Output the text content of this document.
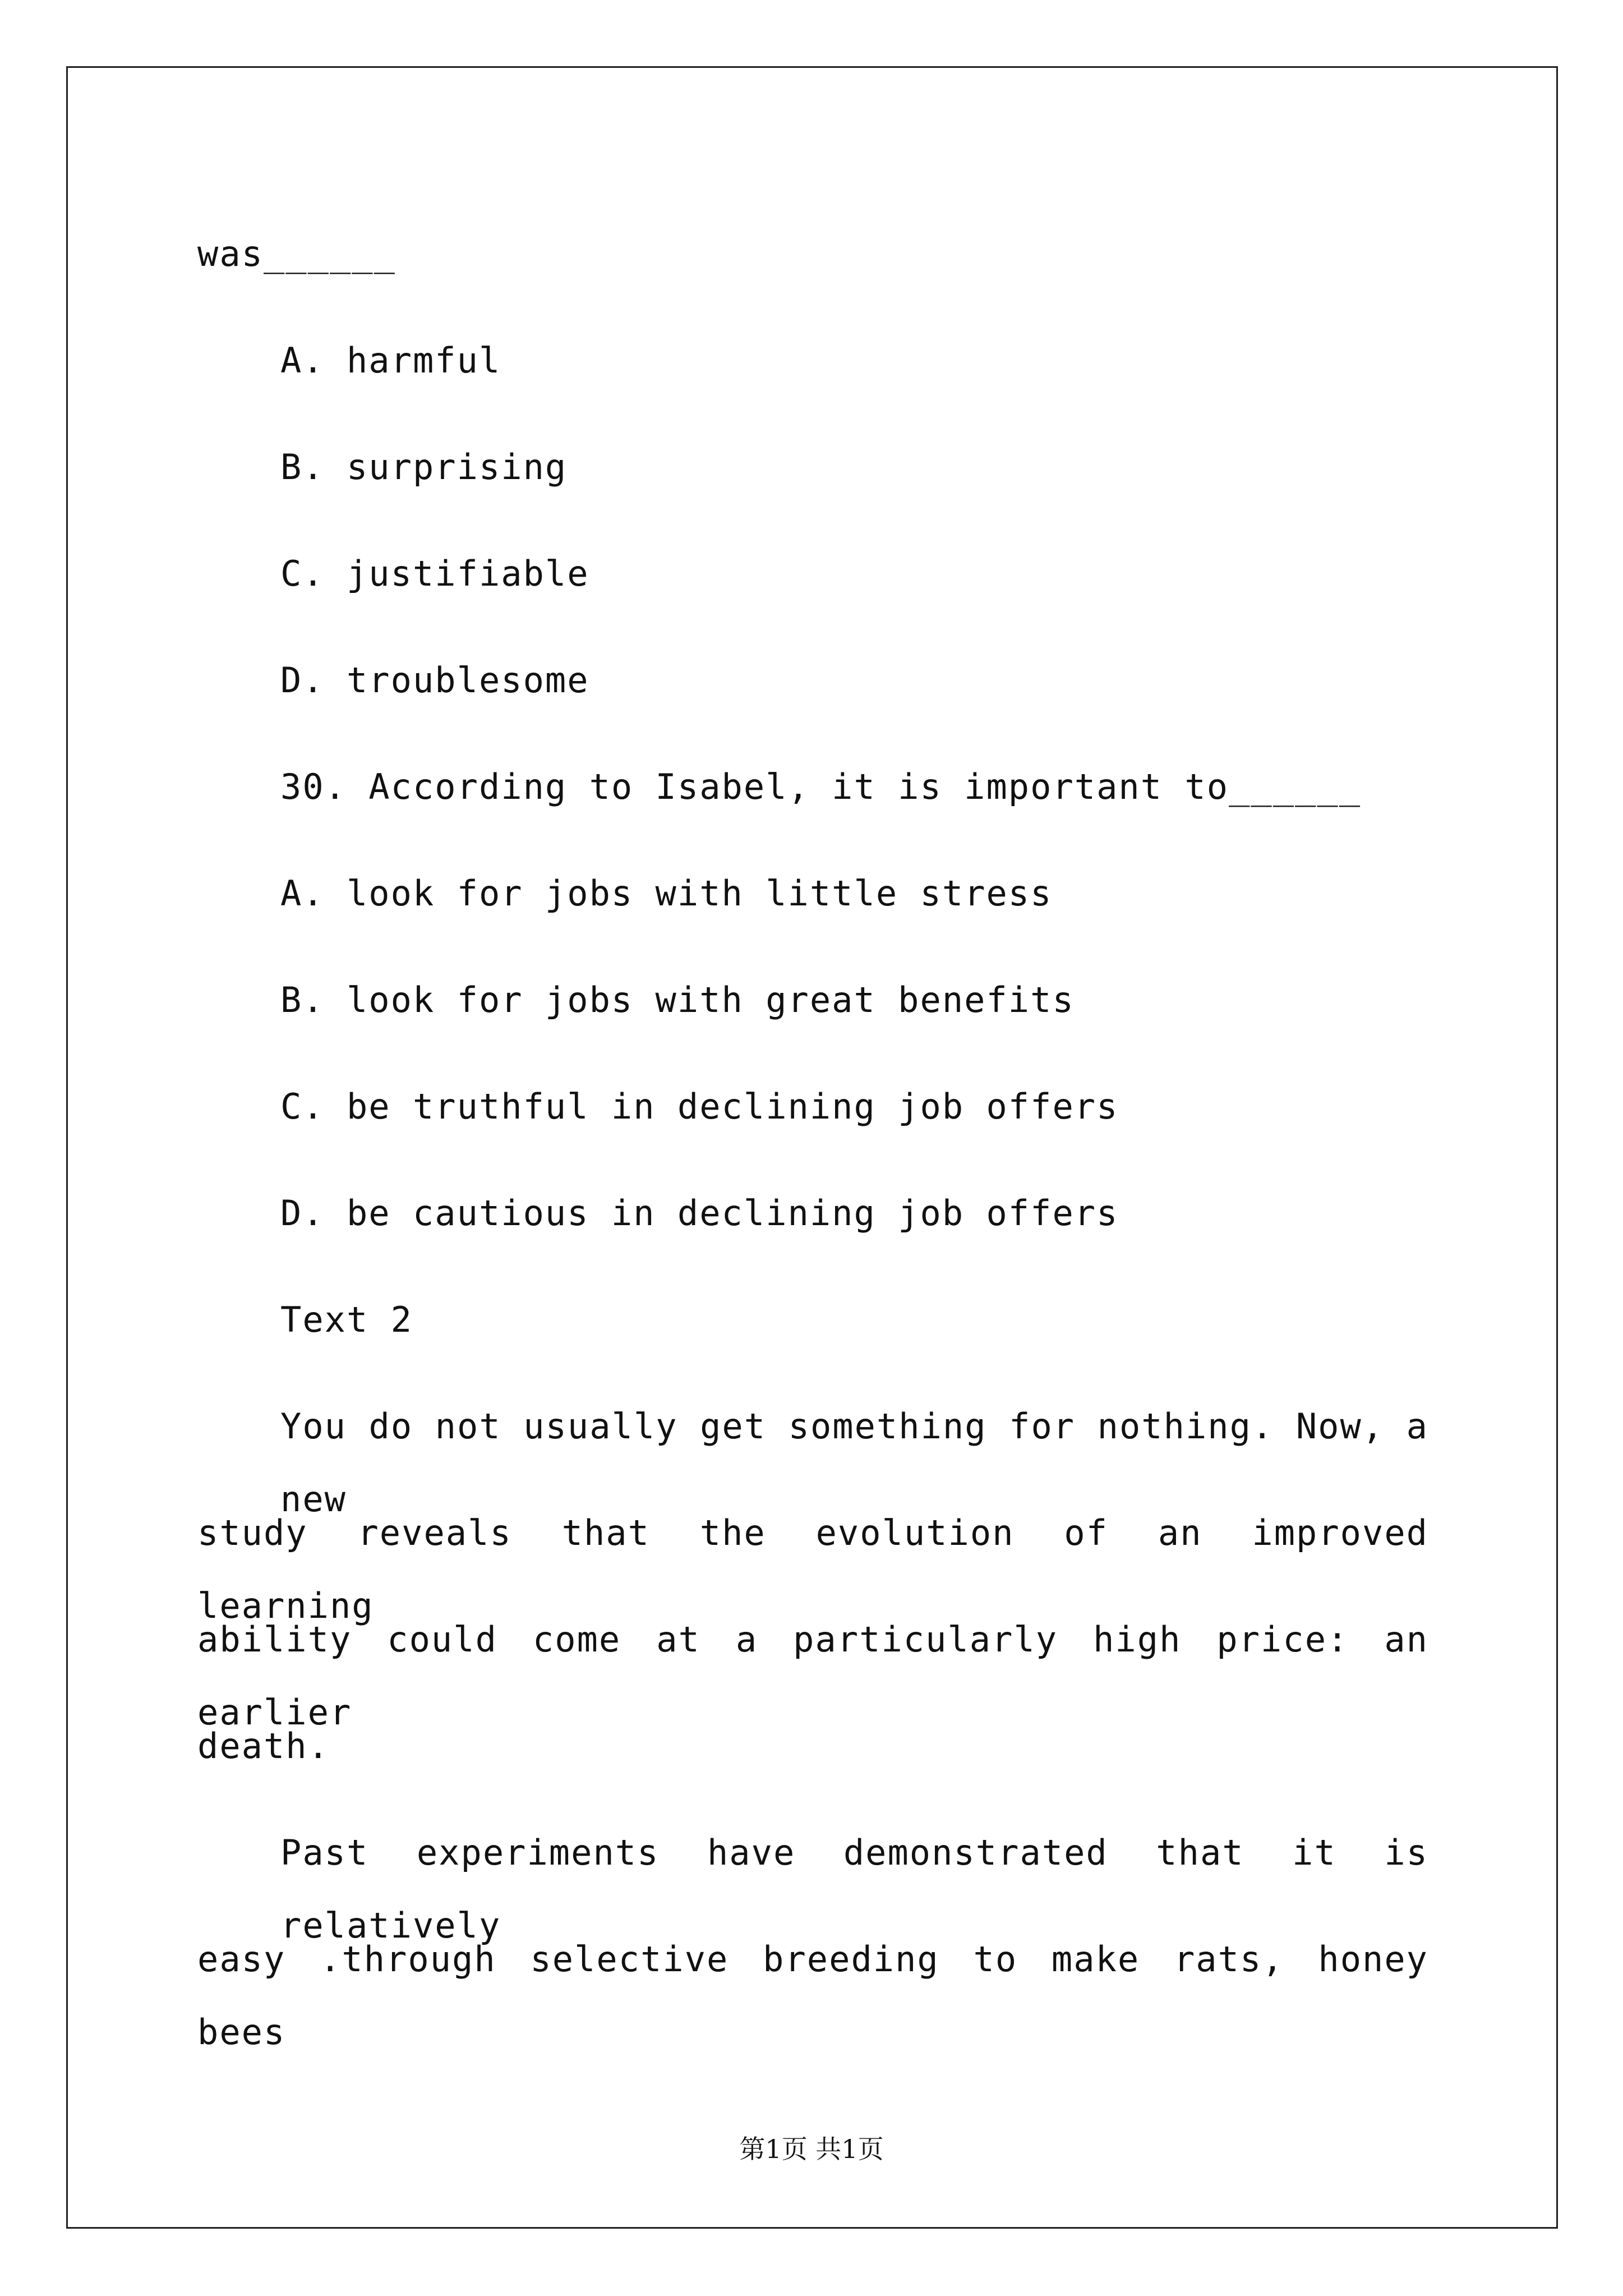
was______
A. harmful
B. surprising
C. justifiable
D. troublesome
30. According to Isabel, it is important to______
A. look for jobs with little stress
B. look for jobs with great benefits
C. be truthful in declining job offers
D. be cautious in declining job offers
Text 2
You do not usually get something for nothing. Now, a new
study reveals that the evolution of an improved learning
ability could come at a particularly high price: an earlier
death.
Past experiments have demonstrated that it is relatively
easy .through selective breeding to make rats, honey bees
第1页 共1页
